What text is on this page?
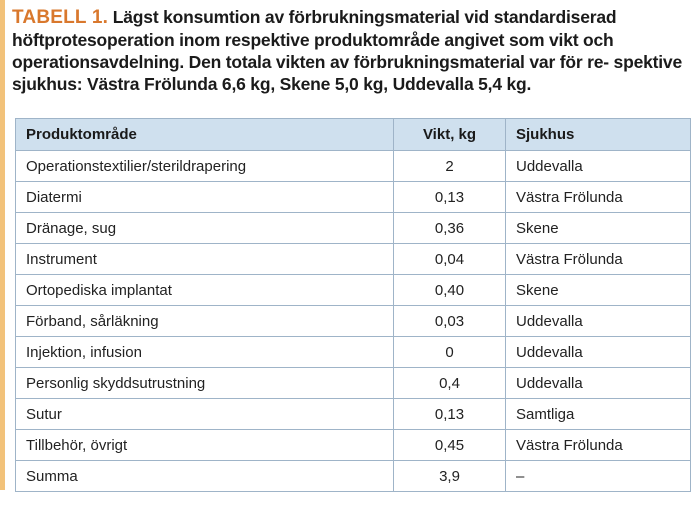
TABELL 1. Lägst konsumtion av förbrukningsmaterial vid standardiserad höftprotesoperation inom respektive produktområde angivet som vikt och operationsavdelning. Den totala vikten av förbrukningsmaterial var för re- spektive sjukhus: Västra Frölunda 6,6 kg, Skene 5,0 kg, Uddevalla 5,4 kg.
Produktområde	Vikt, kg	Sjukhus
Operationstextilier/sterildrapering	2	Uddevalla
Diatermi	0,13	Västra Frölunda
Dränage, sug	0,36	Skene
Instrument	0,04	Västra Frölunda
Ortopediska implantat	0,40	Skene
Förband, sårläkning	0,03	Uddevalla
Injektion, infusion	0	Uddevalla
Personlig skyddsutrustning	0,4	Uddevalla
Sutur	0,13	Samtliga
Tillbehör, övrigt	0,45	Västra Frölunda
Summa	3,9	–
